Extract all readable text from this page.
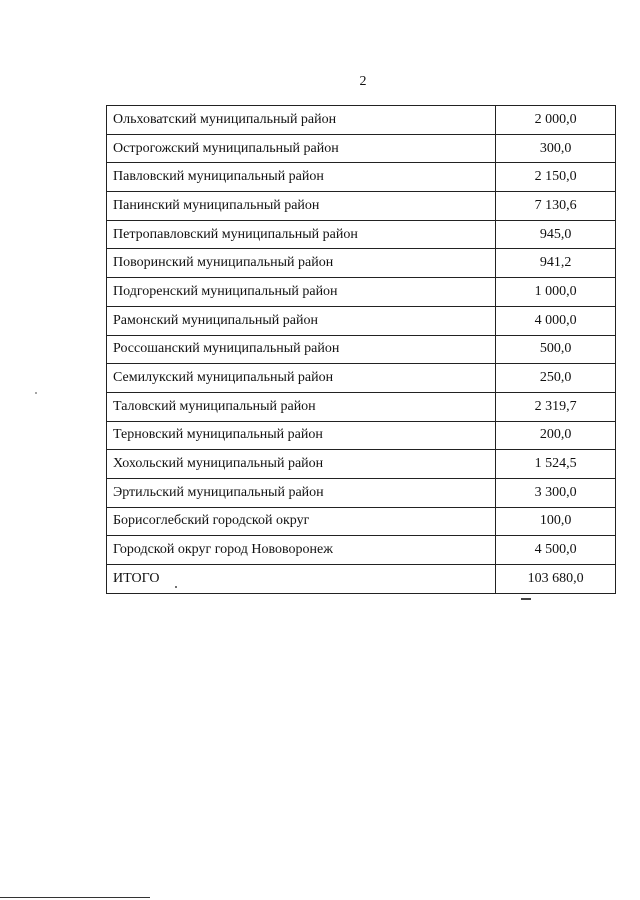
2
Ольховатский муниципальный район	2 000,0
Острогожский муниципальный район	300,0
Павловский муниципальный район	2 150,0
Панинский муниципальный район	7 130,6
Петропавловский муниципальный район	945,0
Поворинский муниципальный район	941,2
Подгоренский муниципальный район	1 000,0
Рамонский муниципальный район	4 000,0
Россошанский муниципальный район	500,0
Семилукский муниципальный район	250,0
Таловский муниципальный район	2 319,7
Терновский муниципальный район	200,0
Хохольский муниципальный район	1 524,5
Эртильский муниципальный район	3 300,0
Борисоглебский городской округ	100,0
Городской округ город Нововоронеж	4 500,0
ИТОГО	103 680,0
